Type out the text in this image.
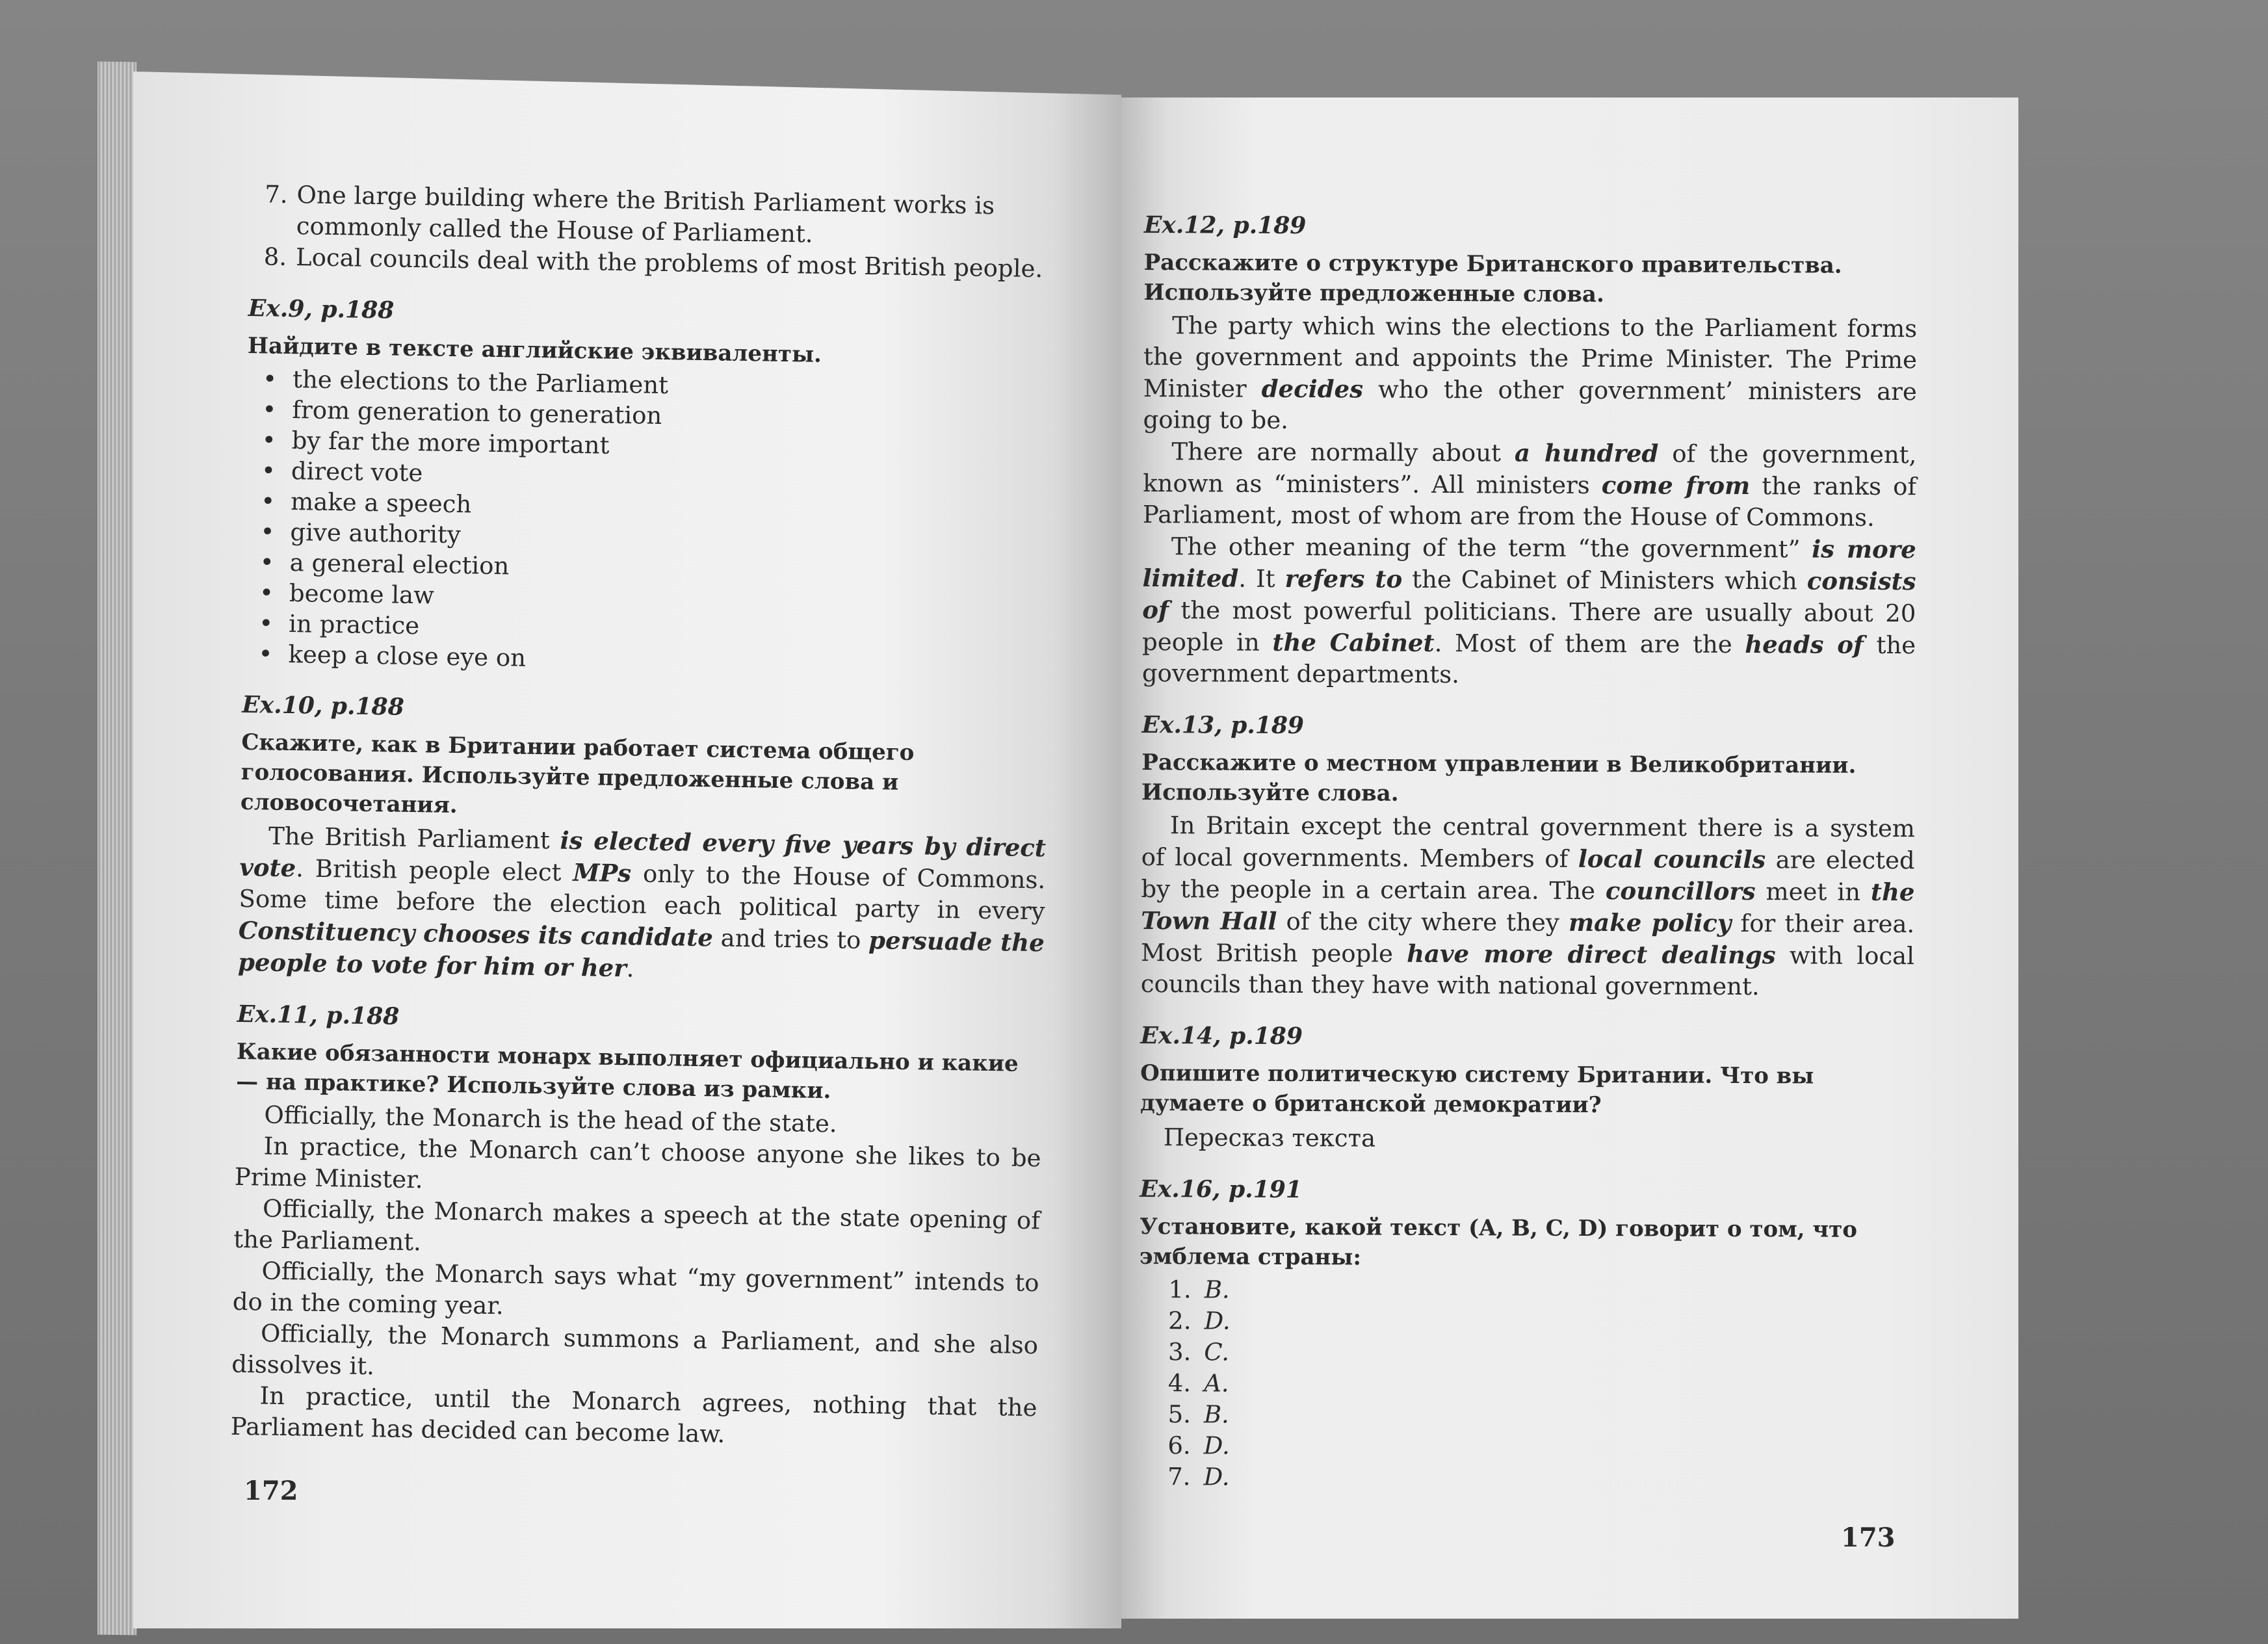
7. One large building where the British Parliament works is commonly called the House of Parliament.
8. Local councils deal with the problems of most British people.
Ex.9, p.188
Найдите в тексте английские эквиваленты.
• the elections to the Parliament
• from generation to generation
• by far the more important
• direct vote
• make a speech
• give authority
• a general election
• become law
• in practice
• keep a close eye on
Ex.10, p.188
Скажите, как в Британии работает система общего голосования. Используйте предложенные слова и словосочетания.

The British Parliament is elected every five years by direct vote. British people elect MPs only to the House of Commons. Some time before the election each political party in every Constituency chooses its candidate and tries to persuade the people to vote for him or her.

Ex.11, p.188
Какие обязанности монарх выполняет официально и какие — на практике? Используйте слова из рамки.

Officially, the Monarch is the head of the state.

In practice, the Monarch can’t choose anyone she likes to be Prime Minister.

Officially, the Monarch makes a speech at the state opening of the Parliament.

Officially, the Monarch says what “my government” intends to do in the coming year.

Officially, the Monarch summons a Parliament, and she also dissolves it.

In practice, until the Monarch agrees, nothing that the Parliament has decided can become law.

172
Ex.12, p.189
Расскажите о структуре Британского правительства. Используйте предложенные слова.

The party which wins the elections to the Parliament forms the government and appoints the Prime Minister. The Prime Minister decides who the other government’ ministers are going to be.

There are normally about a hundred of the government, known as “ministers”. All ministers come from the ranks of Parliament, most of whom are from the House of Commons.

The other meaning of the term “the government” is more limited. It refers to the Cabinet of Ministers which consists of the most powerful politicians. There are usually about 20 people in the Cabinet. Most of them are the heads of the government departments.

Ex.13, p.189
Расскажите о местном управлении в Великобритании. Используйте слова.

In Britain except the central government there is a system of local governments. Members of local councils are elected by the people in a certain area. The councillors meet in the Town Hall of the city where they make policy for their area. Most British people have more direct dealings with local councils than they have with national government.

Ex.14, p.189
Опишите политическую систему Британии. Что вы думаете о британской демократии?

Пересказ текста

Ex.16, p.191
Установите, какой текст (A, B, C, D) говорит о том, что эмблема страны:
1. B.
2. D.
3. C.
4. A.
5. B.
6. D.
7. D.
173
